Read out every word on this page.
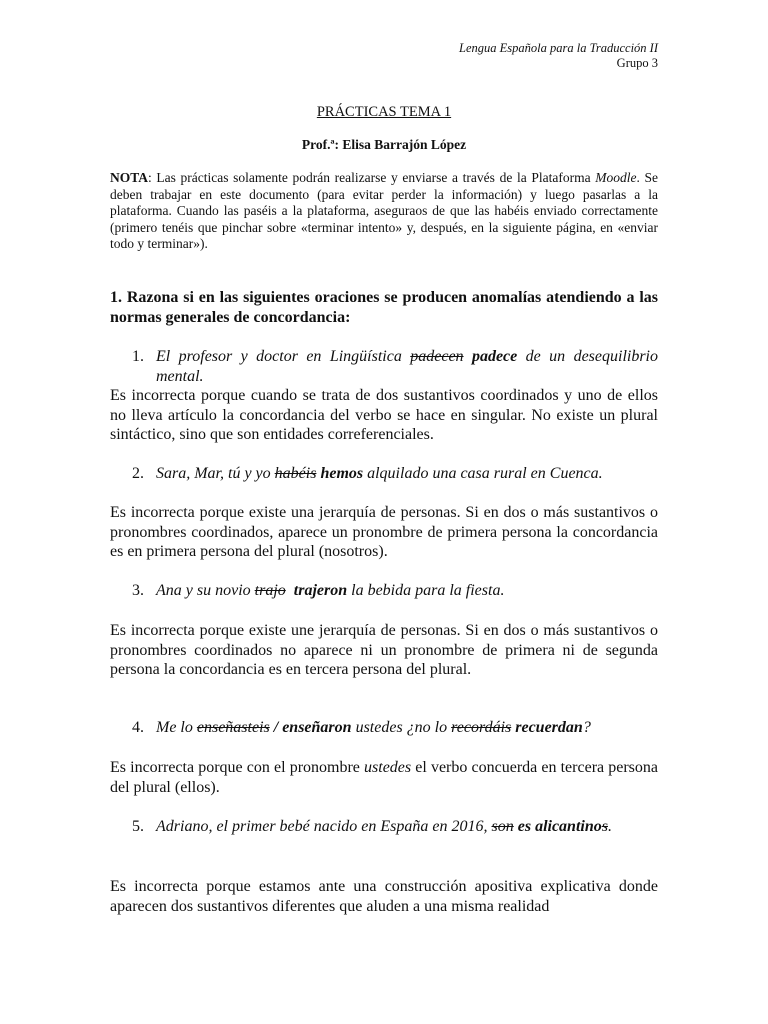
Lengua Española para la Traducción II
Grupo 3
PRÁCTICAS TEMA 1
Prof.ª: Elisa Barrajón López
NOTA: Las prácticas solamente podrán realizarse y enviarse a través de la Plataforma Moodle. Se deben trabajar en este documento (para evitar perder la información) y luego pasarlas a la plataforma. Cuando las paséis a la plataforma, aseguraos de que las habéis enviado correctamente (primero tenéis que pinchar sobre «terminar intento» y, después, en la siguiente página, en «enviar todo y terminar»).
1. Razona si en las siguientes oraciones se producen anomalías atendiendo a las normas generales de concordancia:
1. El profesor y doctor en Lingüística padecen padece de un desequilibrio mental.
Es incorrecta porque cuando se trata de dos sustantivos coordinados y uno de ellos no lleva artículo la concordancia del verbo se hace en singular. No existe un plural sintáctico, sino que son entidades correferenciales.
2. Sara, Mar, tú y yo habéis hemos alquilado una casa rural en Cuenca.
Es incorrecta porque existe una jerarquía de personas. Si en dos o más sustantivos o pronombres coordinados, aparece un pronombre de primera persona la concordancia es en primera persona del plural (nosotros).
3. Ana y su novio trajo trajeron la bebida para la fiesta.
Es incorrecta porque existe une jerarquía de personas. Si en dos o más sustantivos o pronombres coordinados no aparece ni un pronombre de primera ni de segunda persona la concordancia es en tercera persona del plural.
4. Me lo enseñasteis / enseñaron ustedes ¿no lo recordáis recuerdan?
Es incorrecta porque con el pronombre ustedes el verbo concuerda en tercera persona del plural (ellos).
5. Adriano, el primer bebé nacido en España en 2016, son es alicantinos.
Es incorrecta porque estamos ante una construcción apositiva explicativa donde aparecen dos sustantivos diferentes que aluden a una misma realidad
